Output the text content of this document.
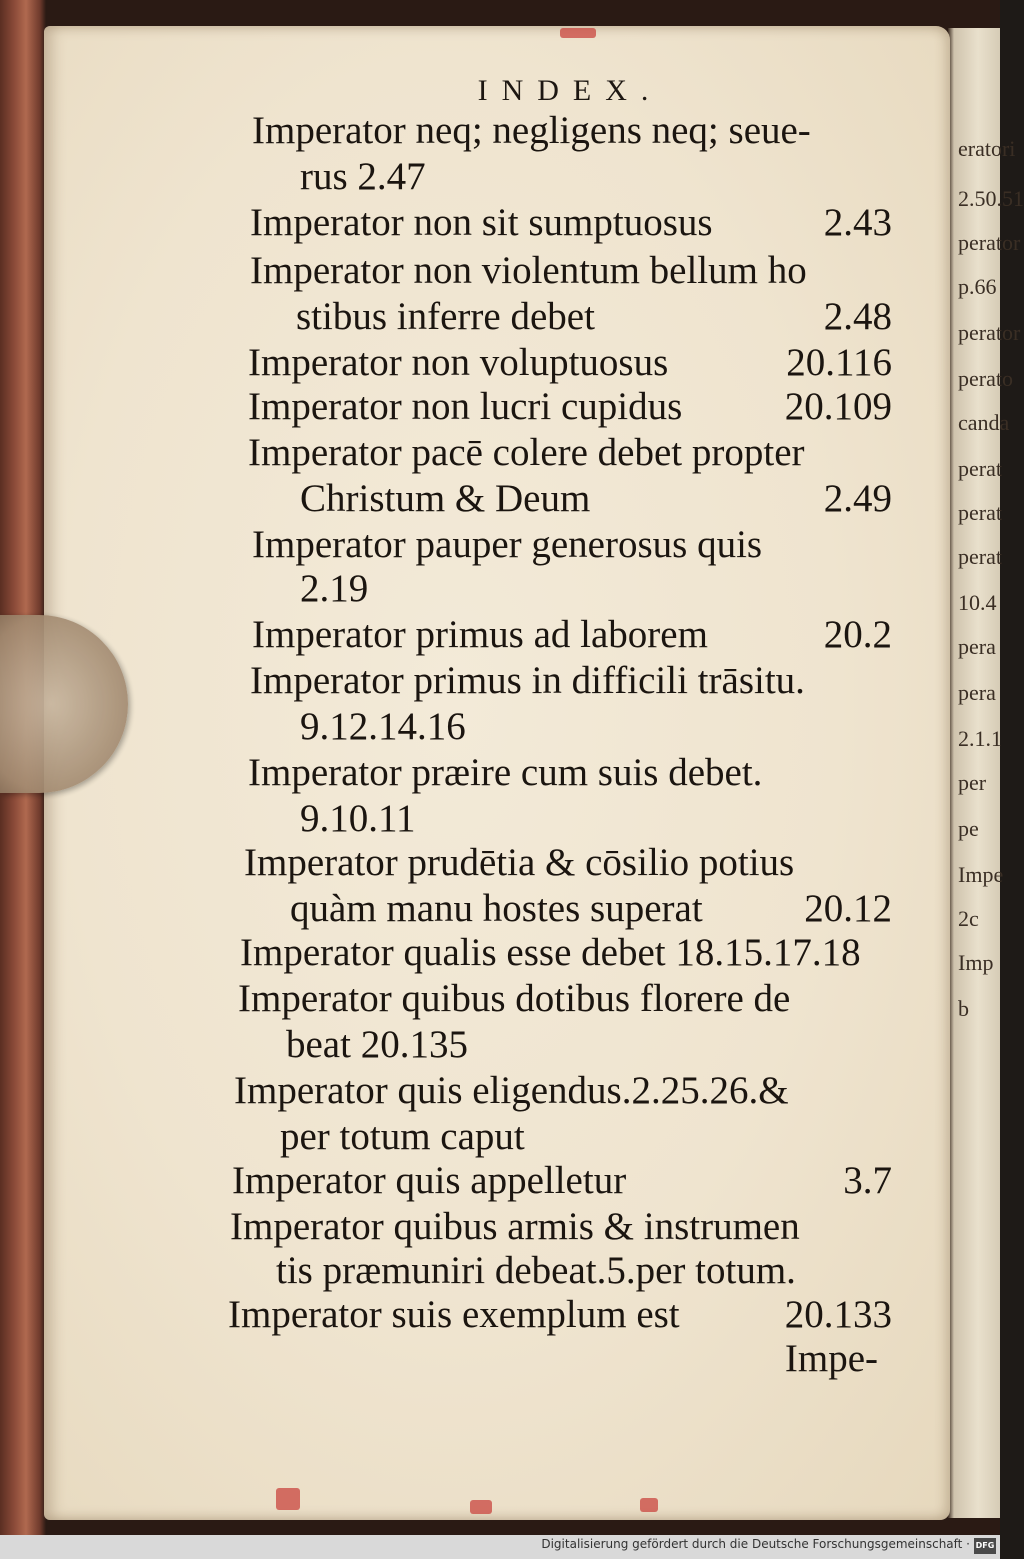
eratori
2.50.51
perator
p.66
perator
perato
canda
perat
perat
perat
10.4
pera
pera
2.1.1
per
pe
Impe
2c
Imp
b
INDEX.
Imperator neq; negligens neq; seue-
rus 2.47
Imperator non sit sumptuosus	2.43
Imperator non violentum bellum ho
stibus inferre debet	2.48
Imperator non voluptuosus	20.116
Imperator non lucri cupidus	20.109
Imperator pacē colere debet propter
Christum & Deum	2.49
Imperator pauper generosus quis
2.19
Imperator primus ad laborem	20.2
Imperator primus in difficili trāsitu.
9.12.14.16
Imperator præire cum suis debet.
9.10.11
Imperator prudētia & cōsilio potius
quàm manu hostes superat	20.12
Imperator qualis esse debet 18.15.17.18
Imperator quibus dotibus florere de
beat 20.135
Imperator quis eligendus.2.25.26.&
per totum caput
Imperator quis appelletur	3.7
Imperator quibus armis & instrumen
tis præmuniri debeat.5.per totum.
Imperator suis exemplum est	20.133
Impe-
Digitalisierung gefördert durch die Deutsche Forschungsgemeinschaft · DFG
